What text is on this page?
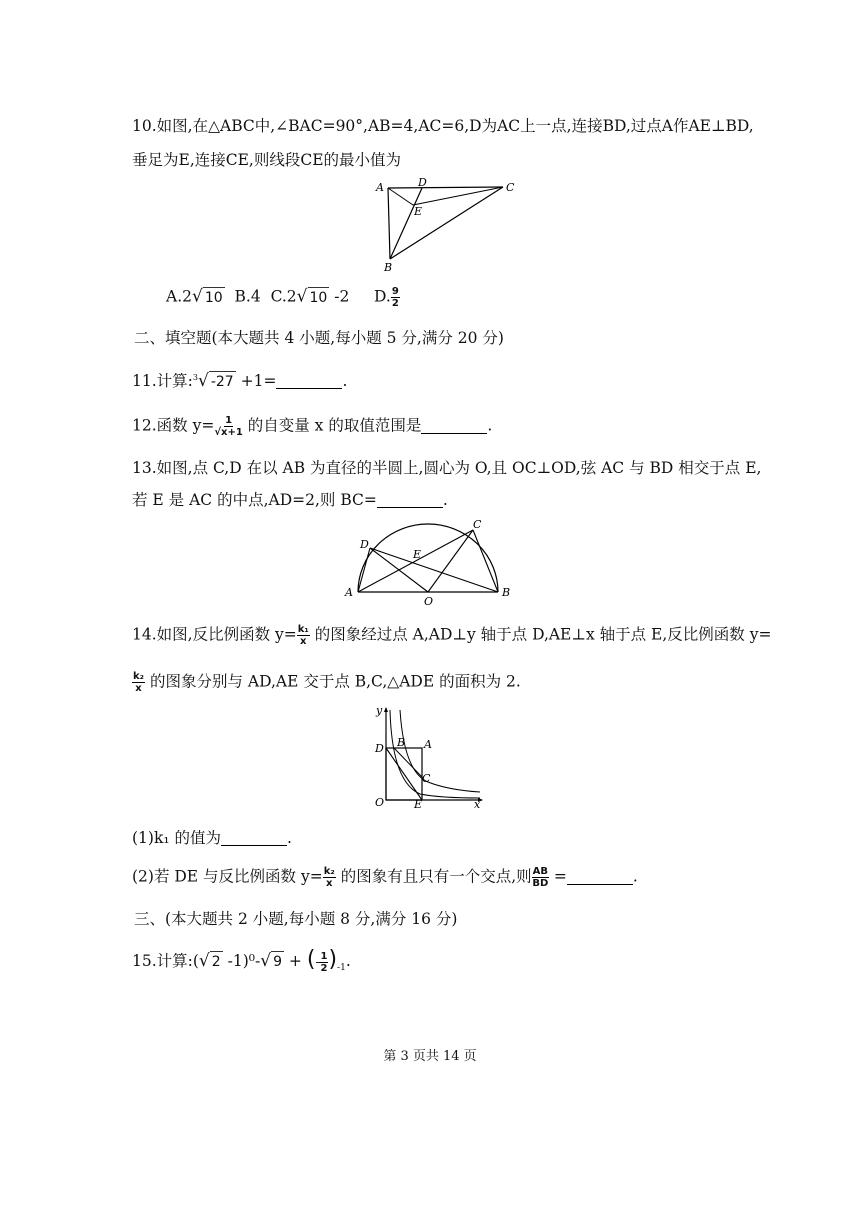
10.如图,在△ABC中,∠BAC=90°,AB=4,AC=6,D为AC上一点,连接BD,过点A作AE⊥BD,
垂足为E,连接CE,则线段CE的最小值为
A	D	C
E
B
A.2√ 10 B.4 C.2√ 10 -2 D. $\frac{9}{2}$
二、填空题(本大题共 4 小题,每小题 5 分,满分 20 分)
11.计算:$^3$√ -27 +1=	.
12.函数 $y= \frac{1}{√x+1}$ 的自变量 x 的取值范围是	.
13.如图,点 C,D 在以 AB 为直径的半圆上,圆心为 O,且 OC⊥OD,弦 AC 与 BD 相交于点 E,
若 E 是 AC 的中点,AD=2,则 BC=	.
A
D
E
C
O
B
14.如图,反比例函数 $y= \frac{\text{k₁}}{x}$ 的图象经过点 A,AD⊥y 轴于点 D,AE⊥x 轴于点 E,反比例函数 y=
$\frac{\text{k₂}}{x}$ 的图象分别与 AD,AE 交于点 B,C,△ADE 的面积为 2.
y
x
O
D B A
C
E
(1)k₁ 的值为	.
(2)若 DE 与反比例函数 $y= \frac{\text{k₂}}{x}$ 的图象有且只有一个交点,则 $\frac{AB}{BD}$ =	.
三、(本大题共 2 小题,每小题 8 分,满分 16 分)
15.计算:(√ 2 -1)⁰-√ 9 + (- $\frac{1}{2} )_{-1}$.
第 3 页共 14 页
